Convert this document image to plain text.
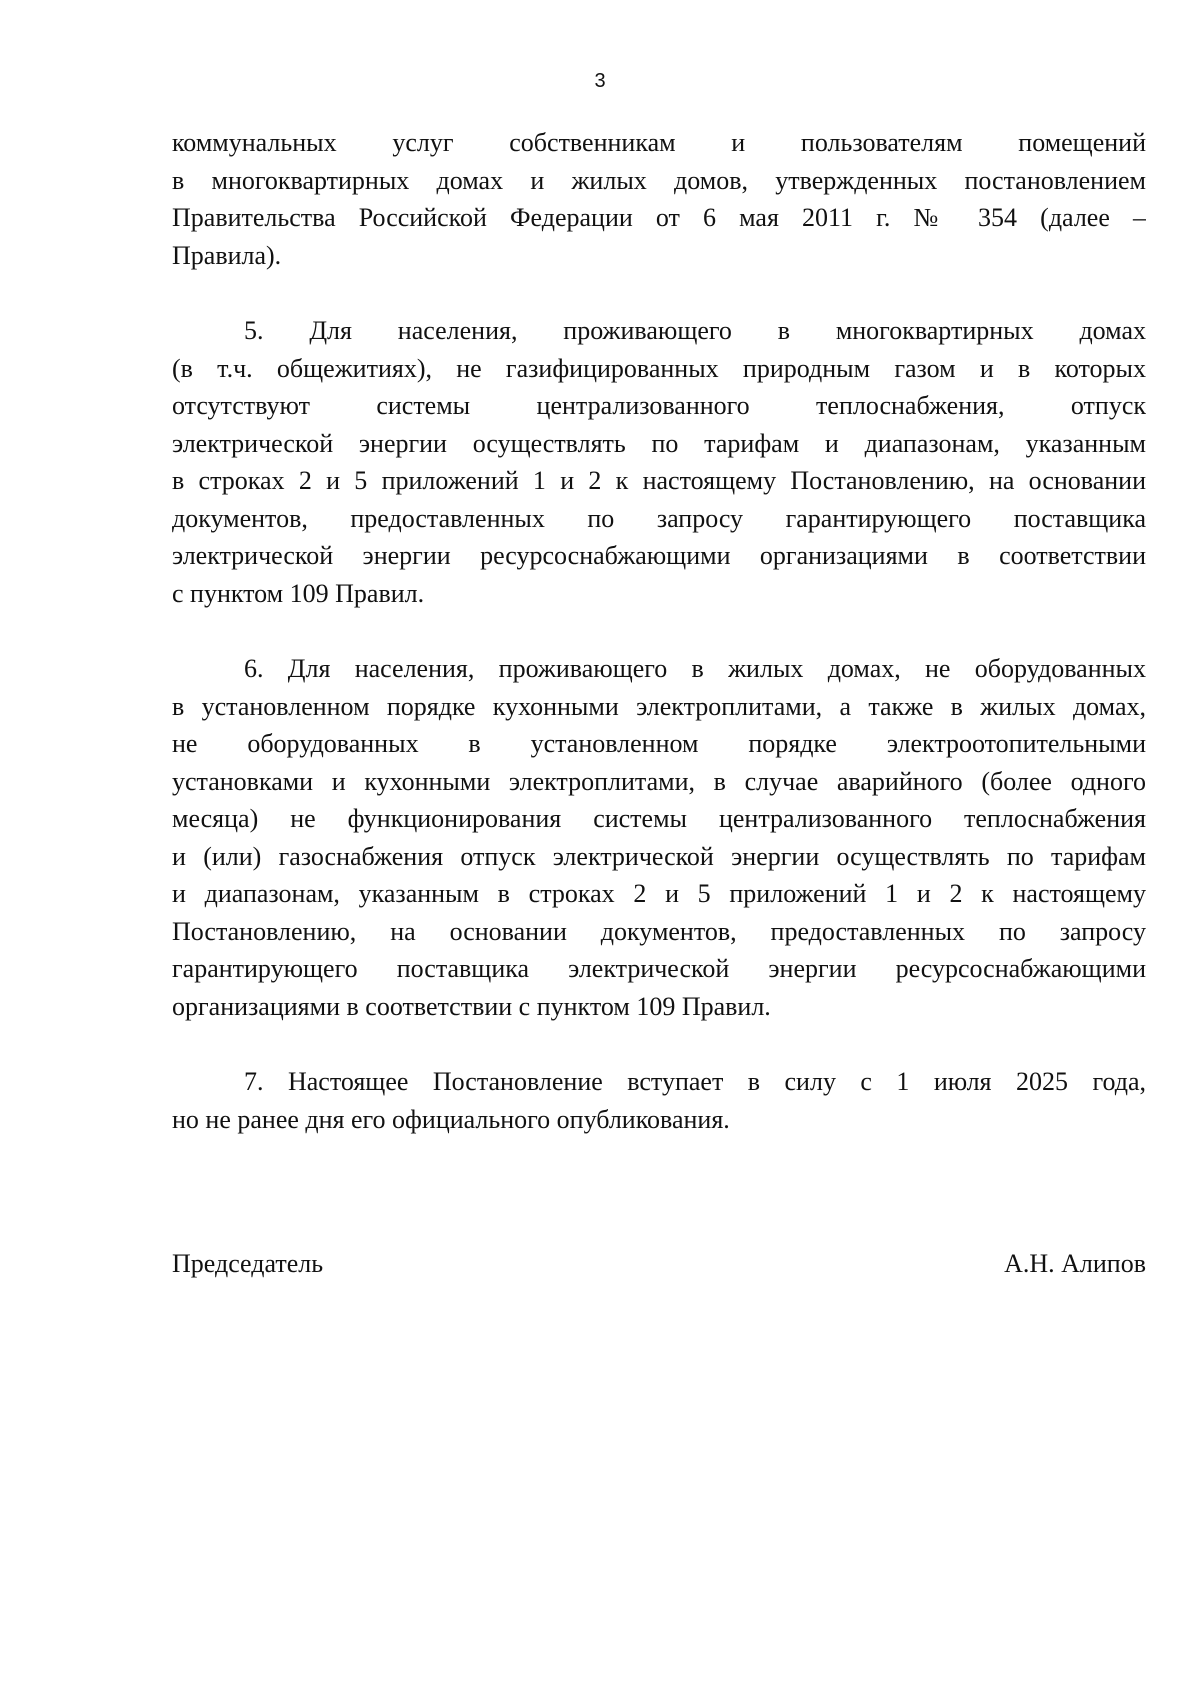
3
коммунальных услуг собственникам и пользователям помещений
в многоквартирных домах и жилых домов, утвержденных постановлением
Правительства Российской Федерации от 6 мая 2011 г. № 354 (далее –
Правила).
5. Для населения, проживающего в многоквартирных домах
(в т.ч. общежитиях), не газифицированных природным газом и в которых
отсутствуют системы централизованного теплоснабжения, отпуск
электрической энергии осуществлять по тарифам и диапазонам, указанным
в строках 2 и 5 приложений 1 и 2 к настоящему Постановлению, на основании
документов, предоставленных по запросу гарантирующего поставщика
электрической энергии ресурсоснабжающими организациями в соответствии
с пунктом 109 Правил.
6. Для населения, проживающего в жилых домах, не оборудованных
в установленном порядке кухонными электроплитами, а также в жилых домах,
не оборудованных в установленном порядке электроотопительными
установками и кухонными электроплитами, в случае аварийного (более одного
месяца) не функционирования системы централизованного теплоснабжения
и (или) газоснабжения отпуск электрической энергии осуществлять по тарифам
и диапазонам, указанным в строках 2 и 5 приложений 1 и 2 к настоящему
Постановлению, на основании документов, предоставленных по запросу
гарантирующего поставщика электрической энергии ресурсоснабжающими
организациями в соответствии с пунктом 109 Правил.
7. Настоящее Постановление вступает в силу с 1 июля 2025 года,
но не ранее дня его официального опубликования.
Председатель	А.Н. Алипов
